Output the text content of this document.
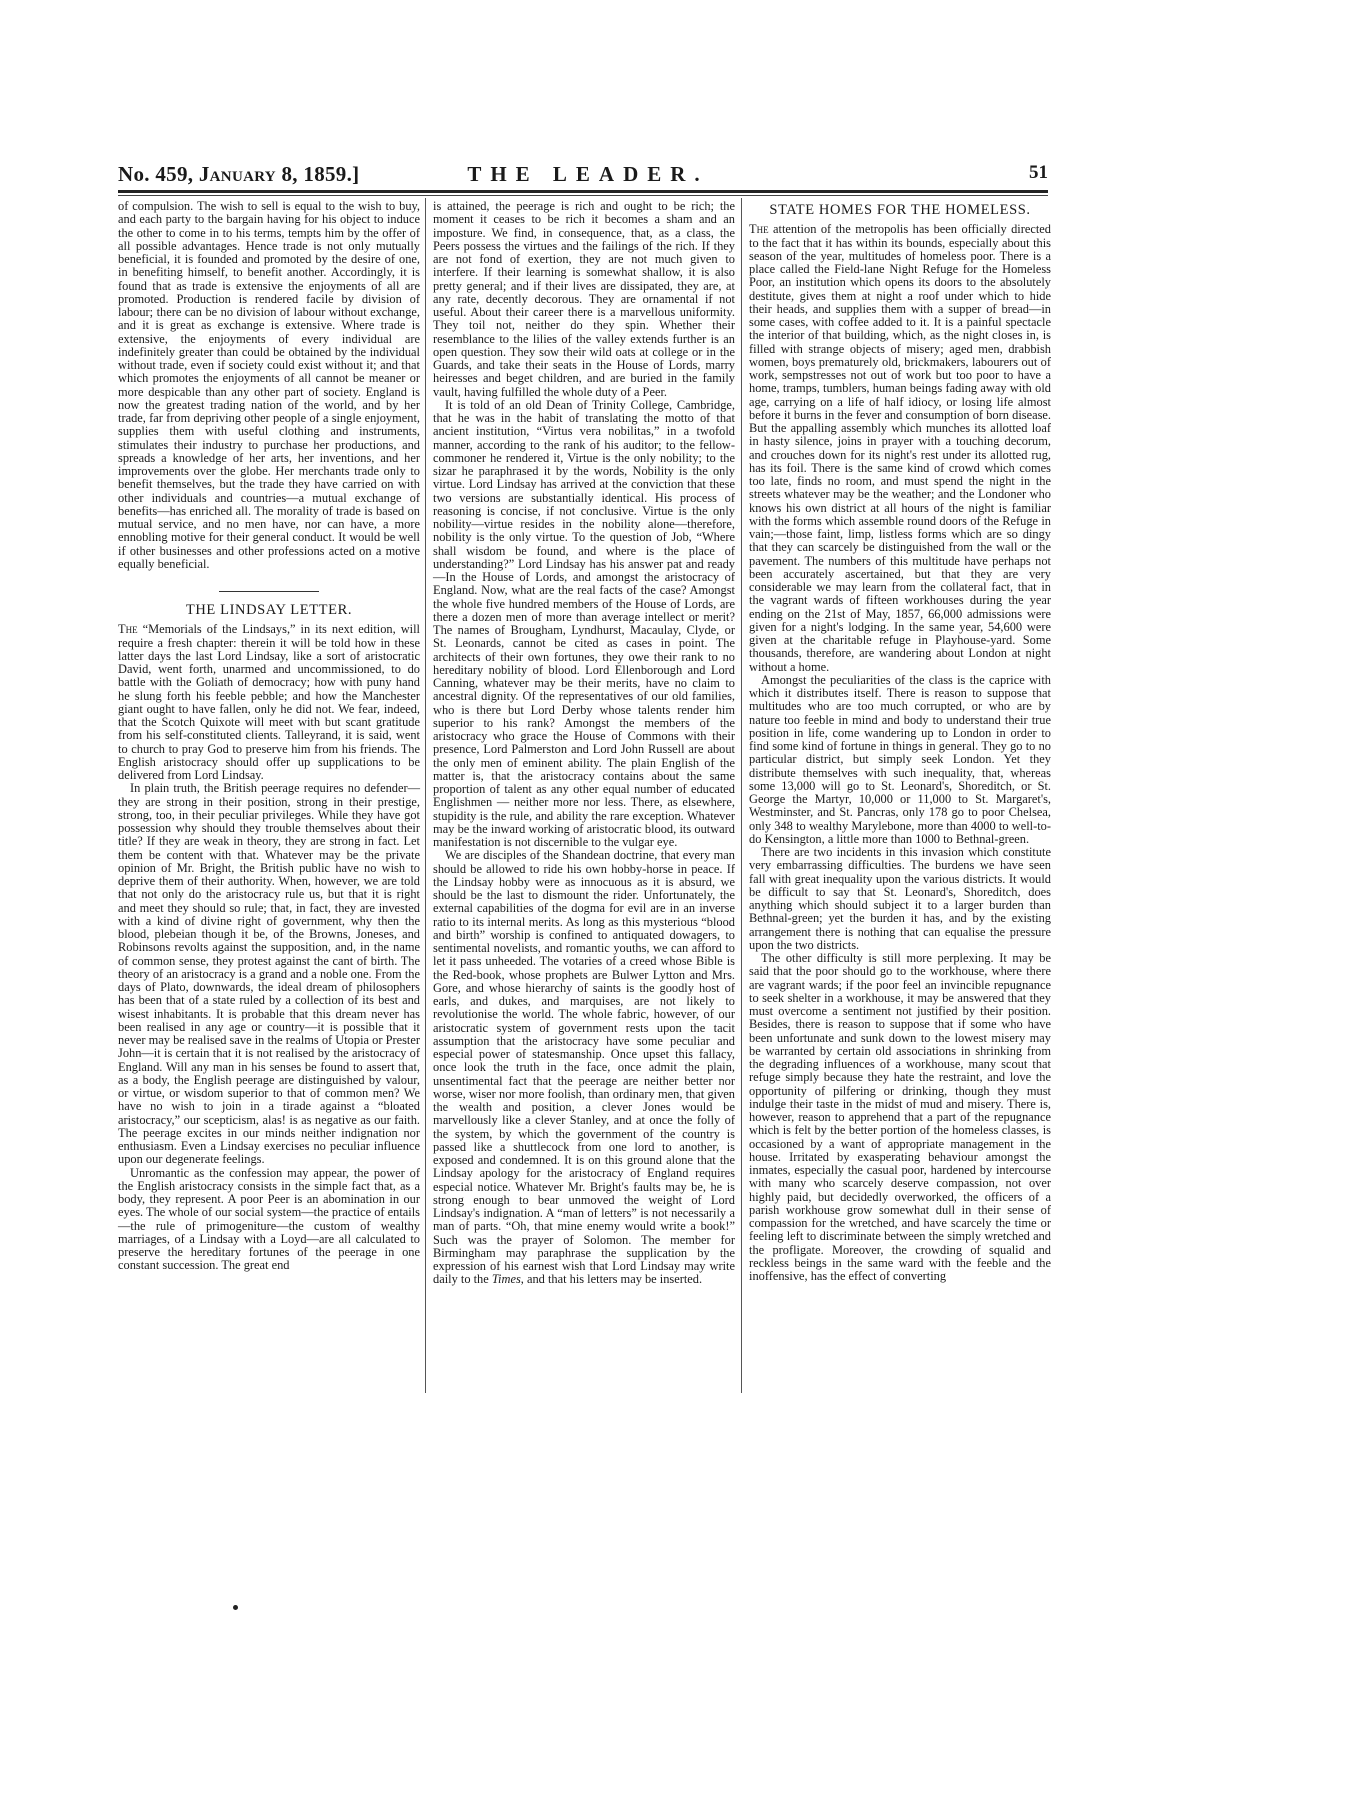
No. 459, January 8, 1859.]	THE LEADER.	51

of compulsion. The wish to sell is equal to the wish to buy, and each party to the bargain having for his object to induce the other to come in to his terms, tempts him by the offer of all possible advantages. Hence trade is not only mutually beneficial, it is founded and promoted by the desire of one, in benefiting himself, to benefit another. Accordingly, it is found that as trade is extensive the enjoyments of all are promoted. Production is rendered facile by division of labour; there can be no division of labour without exchange, and it is great as exchange is extensive. Where trade is extensive, the enjoyments of every individual are indefinitely greater than could be obtained by the individual without trade, even if society could exist without it; and that which promotes the enjoyments of all cannot be meaner or more despicable than any other part of society. England is now the greatest trading nation of the world, and by her trade, far from depriving other people of a single enjoyment, supplies them with useful clothing and instruments, stimulates their industry to purchase her productions, and spreads a knowledge of her arts, her inventions, and her improvements over the globe. Her merchants trade only to benefit themselves, but the trade they have carried on with other individuals and countries—a mutual exchange of benefits—has enriched all. The morality of trade is based on mutual service, and no men have, nor can have, a more ennobling motive for their general conduct. It would be well if other businesses and other professions acted on a motive equally beneficial.

THE LINDSAY LETTER.

The “Memorials of the Lindsays,” in its next edition, will require a fresh chapter: therein it will be told how in these latter days the last Lord Lindsay, like a sort of aristocratic David, went forth, unarmed and uncommissioned, to do battle with the Goliath of democracy; how with puny hand he slung forth his feeble pebble; and how the Manchester giant ought to have fallen, only he did not. We fear, indeed, that the Scotch Quixote will meet with but scant gratitude from his self-constituted clients. Talleyrand, it is said, went to church to pray God to preserve him from his friends. The English aristocracy should offer up supplications to be delivered from Lord Lindsay.

In plain truth, the British peerage requires no defender—they are strong in their position, strong in their prestige, strong, too, in their peculiar privileges. While they have got possession why should they trouble themselves about their title? If they are weak in theory, they are strong in fact. Let them be content with that. Whatever may be the private opinion of Mr. Bright, the British public have no wish to deprive them of their authority. When, however, we are told that not only do the aristocracy rule us, but that it is right and meet they should so rule; that, in fact, they are invested with a kind of divine right of government, why then the blood, plebeian though it be, of the Browns, Joneses, and Robinsons revolts against the supposition, and, in the name of common sense, they protest against the cant of birth. The theory of an aristocracy is a grand and a noble one. From the days of Plato, downwards, the ideal dream of philosophers has been that of a state ruled by a collection of its best and wisest inhabitants. It is probable that this dream never has been realised in any age or country—it is possible that it never may be realised save in the realms of Utopia or Prester John—it is certain that it is not realised by the aristocracy of England. Will any man in his senses be found to assert that, as a body, the English peerage are distinguished by valour, or virtue, or wisdom superior to that of common men? We have no wish to join in a tirade against a “bloated aristocracy,” our scepticism, alas! is as negative as our faith. The peerage excites in our minds neither indignation nor enthusiasm. Even a Lindsay exercises no peculiar influence upon our degenerate feelings.

Unromantic as the confession may appear, the power of the English aristocracy consists in the simple fact that, as a body, they represent. A poor Peer is an abomination in our eyes. The whole of our social system—the practice of entails—the rule of primogeniture—the custom of wealthy marriages, of a Lindsay with a Loyd—are all calculated to preserve the hereditary fortunes of the peerage in one constant succession. The great end

is attained, the peerage is rich and ought to be rich; the moment it ceases to be rich it becomes a sham and an imposture. We find, in consequence, that, as a class, the Peers possess the virtues and the failings of the rich. If they are not fond of exertion, they are not much given to interfere. If their learning is somewhat shallow, it is also pretty general; and if their lives are dissipated, they are, at any rate, decently decorous. They are ornamental if not useful. About their career there is a marvellous uniformity. They toil not, neither do they spin. Whether their resemblance to the lilies of the valley extends further is an open question. They sow their wild oats at college or in the Guards, and take their seats in the House of Lords, marry heiresses and beget children, and are buried in the family vault, having fulfilled the whole duty of a Peer.

It is told of an old Dean of Trinity College, Cambridge, that he was in the habit of translating the motto of that ancient institution, “Virtus vera nobilitas,” in a twofold manner, according to the rank of his auditor; to the fellow-commoner he rendered it, Virtue is the only nobility; to the sizar he paraphrased it by the words, Nobility is the only virtue. Lord Lindsay has arrived at the conviction that these two versions are substantially identical. His process of reasoning is concise, if not conclusive. Virtue is the only nobility—virtue resides in the nobility alone—therefore, nobility is the only virtue. To the question of Job, “Where shall wisdom be found, and where is the place of understanding?” Lord Lindsay has his answer pat and ready—In the House of Lords, and amongst the aristocracy of England. Now, what are the real facts of the case? Amongst the whole five hundred members of the House of Lords, are there a dozen men of more than average intellect or merit? The names of Brougham, Lyndhurst, Macaulay, Clyde, or St. Leonards, cannot be cited as cases in point. The architects of their own fortunes, they owe their rank to no hereditary nobility of blood. Lord Ellenborough and Lord Canning, whatever may be their merits, have no claim to ancestral dignity. Of the representatives of our old families, who is there but Lord Derby whose talents render him superior to his rank? Amongst the members of the aristocracy who grace the House of Commons with their presence, Lord Palmerston and Lord John Russell are about the only men of eminent ability. The plain English of the matter is, that the aristocracy contains about the same proportion of talent as any other equal number of educated Englishmen — neither more nor less. There, as elsewhere, stupidity is the rule, and ability the rare exception. Whatever may be the inward working of aristocratic blood, its outward manifestation is not discernible to the vulgar eye.

We are disciples of the Shandean doctrine, that every man should be allowed to ride his own hobby-horse in peace. If the Lindsay hobby were as innocuous as it is absurd, we should be the last to dismount the rider. Unfortunately, the external capabilities of the dogma for evil are in an inverse ratio to its internal merits. As long as this mysterious “blood and birth” worship is confined to antiquated dowagers, to sentimental novelists, and romantic youths, we can afford to let it pass unheeded. The votaries of a creed whose Bible is the Red-book, whose prophets are Bulwer Lytton and Mrs. Gore, and whose hierarchy of saints is the goodly host of earls, and dukes, and marquises, are not likely to revolutionise the world. The whole fabric, however, of our aristocratic system of government rests upon the tacit assumption that the aristocracy have some peculiar and especial power of statesmanship. Once upset this fallacy, once look the truth in the face, once admit the plain, unsentimental fact that the peerage are neither better nor worse, wiser nor more foolish, than ordinary men, that given the wealth and position, a clever Jones would be marvellously like a clever Stanley, and at once the folly of the system, by which the government of the country is passed like a shuttlecock from one lord to another, is exposed and condemned. It is on this ground alone that the Lindsay apology for the aristocracy of England requires especial notice. Whatever Mr. Bright's faults may be, he is strong enough to bear unmoved the weight of Lord Lindsay's indignation. A “man of letters” is not necessarily a man of parts. “Oh, that mine enemy would write a book!” Such was the prayer of Solomon. The member for Birmingham may paraphrase the supplication by the expression of his earnest wish that Lord Lindsay may write daily to the Times, and that his letters may be inserted.

STATE HOMES FOR THE HOMELESS.

The attention of the metropolis has been officially directed to the fact that it has within its bounds, especially about this season of the year, multitudes of homeless poor. There is a place called the Field-lane Night Refuge for the Homeless Poor, an institution which opens its doors to the absolutely destitute, gives them at night a roof under which to hide their heads, and supplies them with a supper of bread—in some cases, with coffee added to it. It is a painful spectacle the interior of that building, which, as the night closes in, is filled with strange objects of misery; aged men, drabbish women, boys prematurely old, brickmakers, labourers out of work, sempstresses not out of work but too poor to have a home, tramps, tumblers, human beings fading away with old age, carrying on a life of half idiocy, or losing life almost before it burns in the fever and consumption of born disease. But the appalling assembly which munches its allotted loaf in hasty silence, joins in prayer with a touching decorum, and crouches down for its night's rest under its allotted rug, has its foil. There is the same kind of crowd which comes too late, finds no room, and must spend the night in the streets whatever may be the weather; and the Londoner who knows his own district at all hours of the night is familiar with the forms which assemble round doors of the Refuge in vain;—those faint, limp, listless forms which are so dingy that they can scarcely be distinguished from the wall or the pavement. The numbers of this multitude have perhaps not been accurately ascertained, but that they are very considerable we may learn from the collateral fact, that in the vagrant wards of fifteen workhouses during the year ending on the 21st of May, 1857, 66,000 admissions were given for a night's lodging. In the same year, 54,600 were given at the charitable refuge in Playhouse-yard. Some thousands, therefore, are wandering about London at night without a home.

Amongst the peculiarities of the class is the caprice with which it distributes itself. There is reason to suppose that multitudes who are too much corrupted, or who are by nature too feeble in mind and body to understand their true position in life, come wandering up to London in order to find some kind of fortune in things in general. They go to no particular district, but simply seek London. Yet they distribute themselves with such inequality, that, whereas some 13,000 will go to St. Leonard's, Shoreditch, or St. George the Martyr, 10,000 or 11,000 to St. Margaret's, Westminster, and St. Pancras, only 178 go to poor Chelsea, only 348 to wealthy Marylebone, more than 4000 to well-to-do Kensington, a little more than 1000 to Bethnal-green.

There are two incidents in this invasion which constitute very embarrassing difficulties. The burdens we have seen fall with great inequality upon the various districts. It would be difficult to say that St. Leonard's, Shoreditch, does anything which should subject it to a larger burden than Bethnal-green; yet the burden it has, and by the existing arrangement there is nothing that can equalise the pressure upon the two districts.

The other difficulty is still more perplexing. It may be said that the poor should go to the workhouse, where there are vagrant wards; if the poor feel an invincible repugnance to seek shelter in a workhouse, it may be answered that they must overcome a sentiment not justified by their position. Besides, there is reason to suppose that if some who have been unfortunate and sunk down to the lowest misery may be warranted by certain old associations in shrinking from the degrading influences of a workhouse, many scout that refuge simply because they hate the restraint, and love the opportunity of pilfering or drinking, though they must indulge their taste in the midst of mud and misery. There is, however, reason to apprehend that a part of the repugnance which is felt by the better portion of the homeless classes, is occasioned by a want of appropriate management in the house. Irritated by exasperating behaviour amongst the inmates, especially the casual poor, hardened by intercourse with many who scarcely deserve compassion, not over highly paid, but decidedly overworked, the officers of a parish workhouse grow somewhat dull in their sense of compassion for the wretched, and have scarcely the time or feeling left to discriminate between the simply wretched and the profligate. Moreover, the crowding of squalid and reckless beings in the same ward with the feeble and the inoffensive, has the effect of converting
